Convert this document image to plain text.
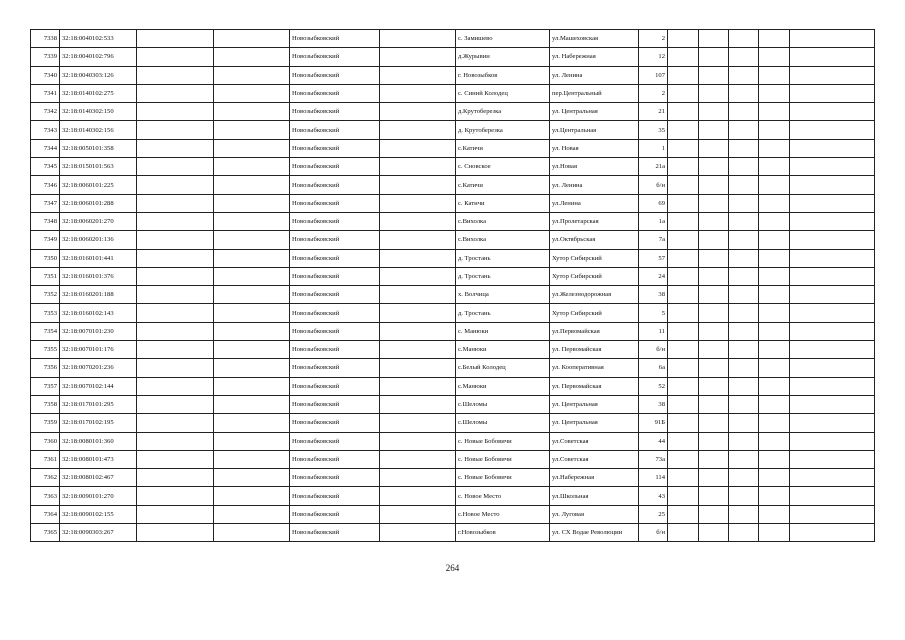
7338	32:18:0040102:533			Новозыбковский		с. Замишево	ул.Машеховская	2					
7339	32:18:0040102:796			Новозыбковский		д.Журывин	ул. Набережная	12					
7340	32:18:0040303:126			Новозыбковский		г. Новозыбков	ул. Ленина	107					
7341	32:18:0140102:275			Новозыбковский		с. Синий Колодец	пер.Центральный	2					
7342	32:18:0140302:150			Новозыбковский		д.Крутоберезка	ул. Центральная	21					
7343	32:18:0140302:156			Новозыбковский		д. Крутоберезка	ул.Центральная	35					
7344	32:18:0050101:358			Новозыбковский		с.Катичи	ул. Новая	1					
7345	32:18:0150101:563			Новозыбковский		с. Сновское	ул.Новая	21а					
7346	32:18:0060101:225			Новозыбковский		с.Катичи	ул. Ленина	б/н					
7347	32:18:0060101:288			Новозыбковский		с. Катичи	ул.Ленина	69					
7348	32:18:0060201:270			Новозыбковский		с.Вихолка	ул.Пролетарская	1а					
7349	32:18:0060201:136			Новозыбковский		с.Вихолка	ул.Октябрьская	7а					
7350	32:18:0160101:441			Новозыбковский		д. Тростань	Хутор Сибирский	57					
7351	32:18:0160101:376			Новозыбковский		д. Тростань	Хутор Сибирский	24					
7352	32:18:0160201:188			Новозыбковский		х. Волчица	ул.Железнодорожная	38					
7353	32:18:0160102:143			Новозыбковский		д. Тростань	Хутор Сибирский	5					
7354	32:18:0070101:230			Новозыбковский		с. Манюки	ул.Первомайская	11					
7355	32:18:0070101:176			Новозыбковский		с.Манюки	ул. Первомайская	б/н					
7356	32:18:0070201:236			Новозыбковский		с.Белый Колодец	ул. Кооперативная	6а					
7357	32:18:0070102:144			Новозыбковский		с.Манюки	ул. Первомайская	52					
7358	32:18:0170101:295			Новозыбковский		с.Шеломы	ул. Центральная	38					
7359	32:18:0170102:195			Новозыбковский		с.Шеломы	ул. Центральная	91Б					
7360	32:18:0080101:360			Новозыбковский		с. Новые Бобовичи	ул.Советская	44					
7361	32:18:0080101:473			Новозыбковский		с. Новые Бобовичи	ул.Советская	73а					
7362	32:18:0080102:467			Новозыбковский		с. Новые Бобовичи	ул.Набережная	114					
7363	32:18:0090101:270			Новозыбковский		с. Новое Место	ул.Школьная	43					
7364	32:18:0090102:155			Новозыбковский		с.Новое Место	ул. Луговая	25					
7365	32:18:0090303:267			Новозыбковский		г.Новозыбков	ул. СХ Водае Революции	б/н					
264
